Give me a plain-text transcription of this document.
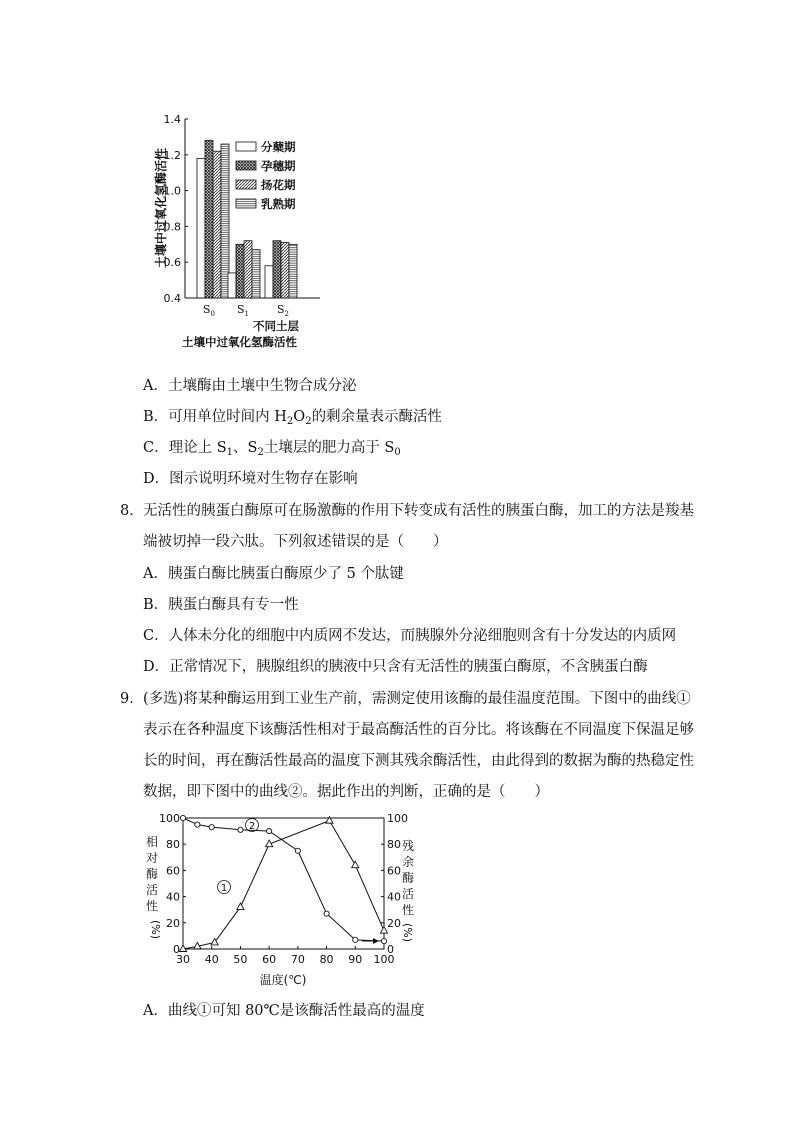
0.4
0.6
0.8
1.0
1.2
1.4
分蘖期
孕穗期
扬花期
乳熟期
土壤中过氧化氢酶活性
$S_0$ $S_1$	$S_2$
不同土层
土壤中过氧化氢酶活性
A．土壤酶由土壤中生物合成分泌
B．可用单位时间内 $H_2O_2$的剩余量表示酶活性
C．理论上 $S_1$、$S_2$土壤层的肥力高于 $S_0$
D．图示说明环境对生物存在影响
8． 无活性的胰蛋白酶原可在肠激酶的作用下转变成有活性的胰蛋白酶，加工的方法是羧基
端被切掉一段六肽。下列叙述错误的是（　　）
A．胰蛋白酶比胰蛋白酶原少了 5 个肽键
B．胰蛋白酶具有专一性
C．人体未分化的细胞中内质网不发达，而胰腺外分泌细胞则含有十分发达的内质网
D．正常情况下，胰腺组织的胰液中只含有无活性的胰蛋白酶原，不含胰蛋白酶
9． (多选)将某种酶运用到工业生产前，需测定使用该酶的最佳温度范围。下图中的曲线①
表示在各种温度下该酶活性相对于最高酶活性的百分比。将该酶在不同温度下保温足够
长的时间，再在酶活性最高的温度下测其残余酶活性，由此得到的数据为酶的热稳定性
数据，即下图中的曲线②。据此作出的判断，正确的是（　　）
0
20
40
60
80
100
0
20
40
60
80
100
30 40 50 60 70 80 90 100
相对酶活性
(%)
残余酶活性
(%)
温度(℃)
2
1
A．曲线①可知 80℃是该酶活性最高的温度
